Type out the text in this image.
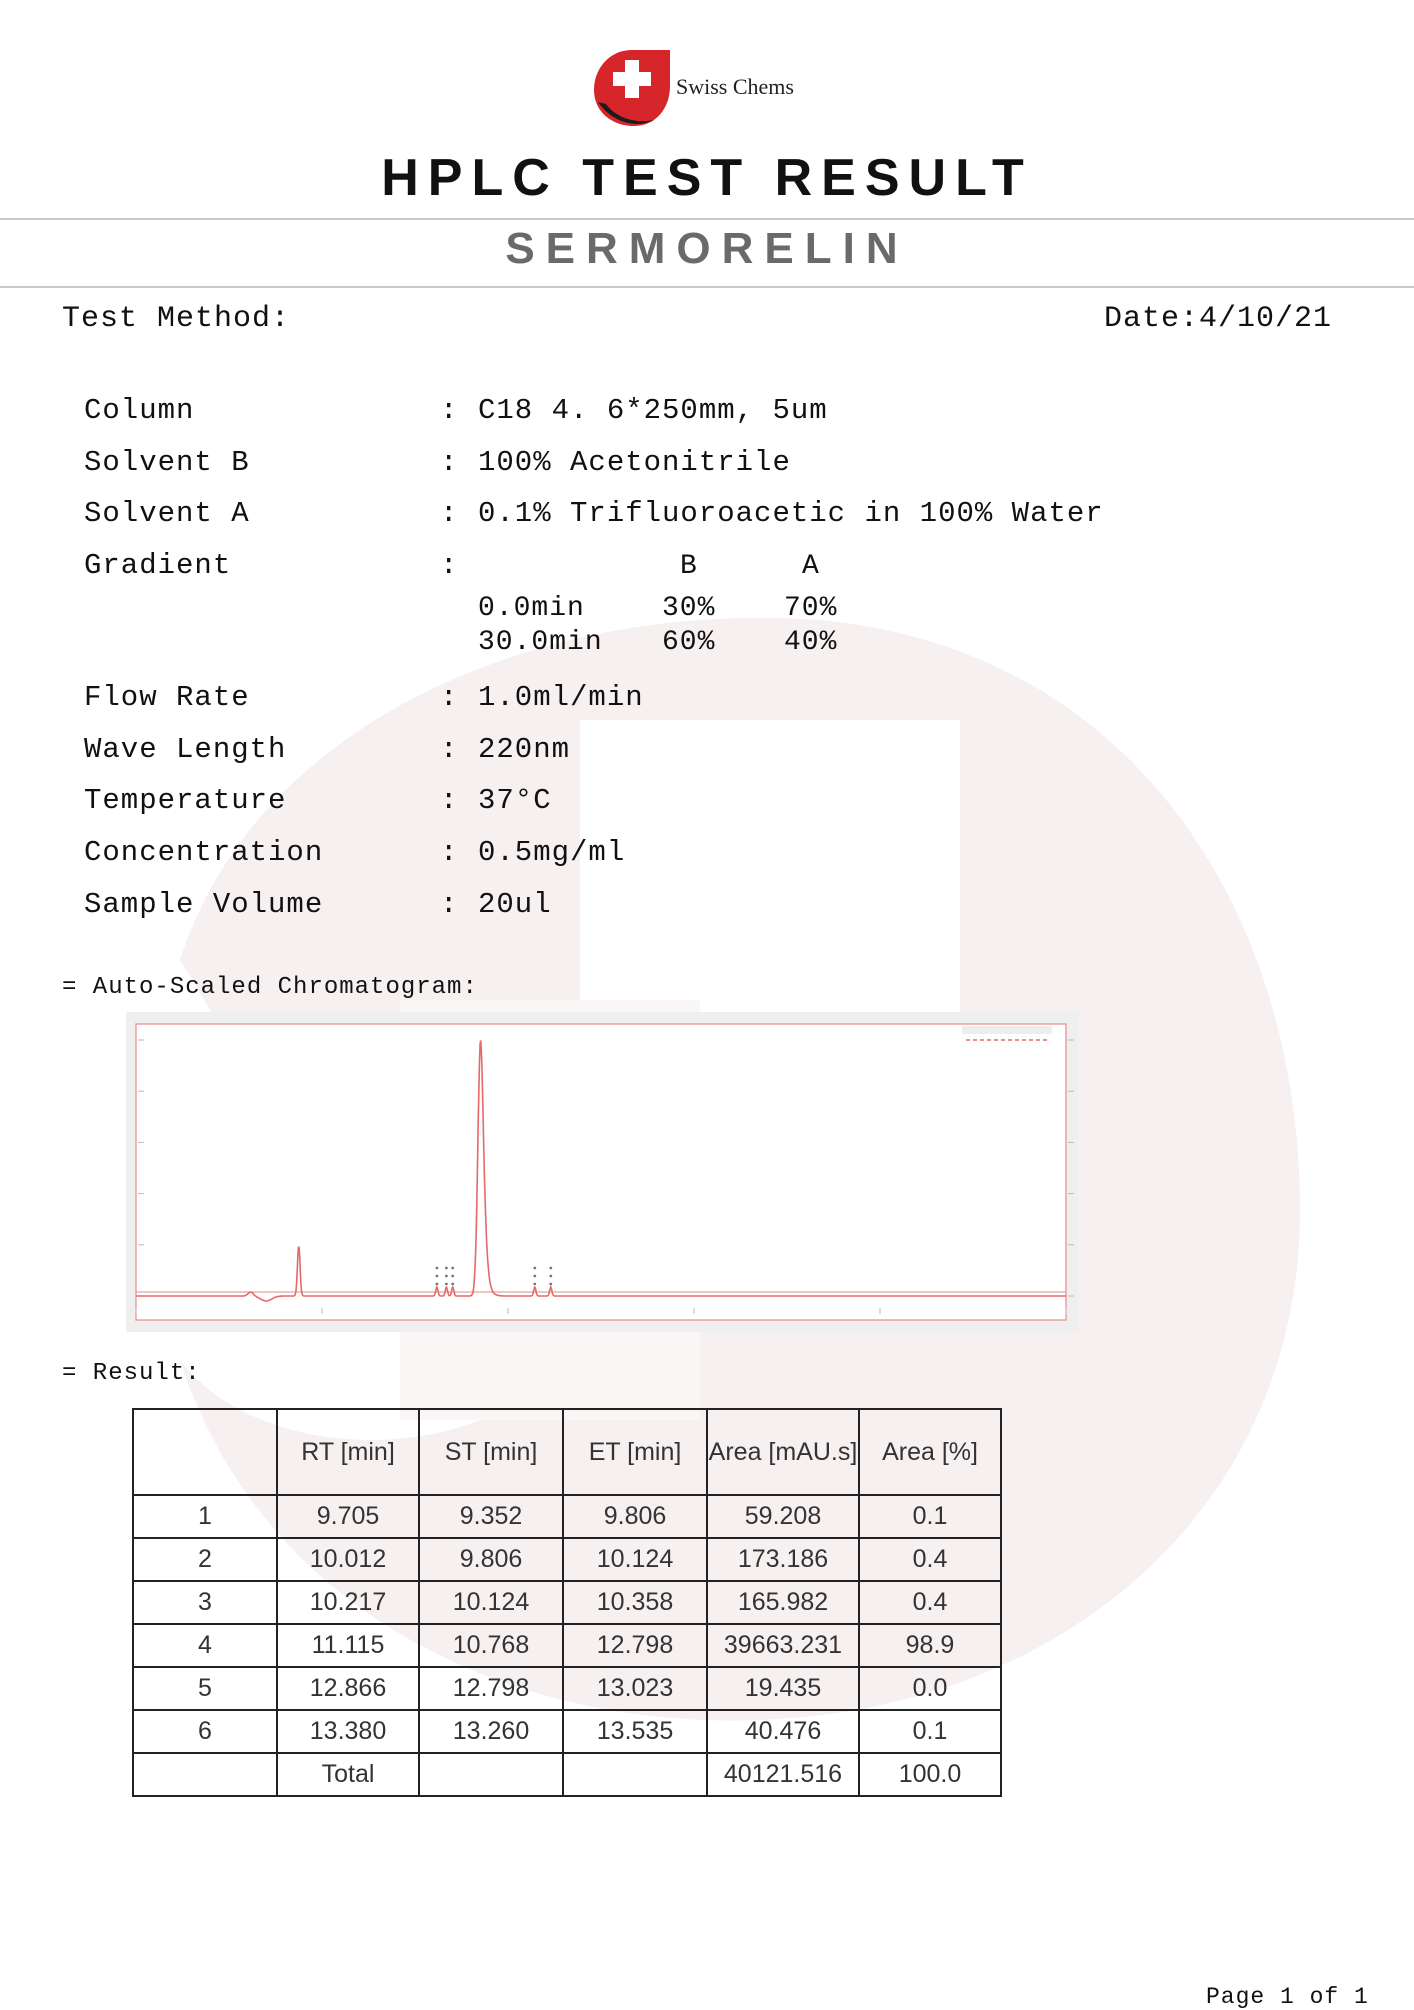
Swiss Chems
HPLC TEST RESULT
SERMORELIN
Test Method:	Date:4/10/21
Column	: C18 4. 6*250mm, 5um
Solvent B	: 100% Acetonitrile
Solvent A	: 0.1% Trifluoroacetic in 100% Water
Gradient	:	B	A
0.0min	30% 70%
30.0min 60% 40%
Flow Rate	: 1.0ml/min
Wave Length	: 220nm
Temperature	: 37°C
Concentration	: 0.5mg/ml
Sample Volume	: 20ul
= Auto-Scaled Chromatogram:
= Result:
	RT [min]	ST [min]	ET [min]	Area [mAU.s]	Area [%]
1	9.705	9.352	9.806	59.208	0.1
2	10.012	9.806	10.124	173.186	0.4
3	10.217	10.124	10.358	165.982	0.4
4	11.115	10.768	12.798	39663.231	98.9
5	12.866	12.798	13.023	19.435	0.0
6	13.380	13.260	13.535	40.476	0.1
	Total			40121.516	100.0
Page 1 of 1
